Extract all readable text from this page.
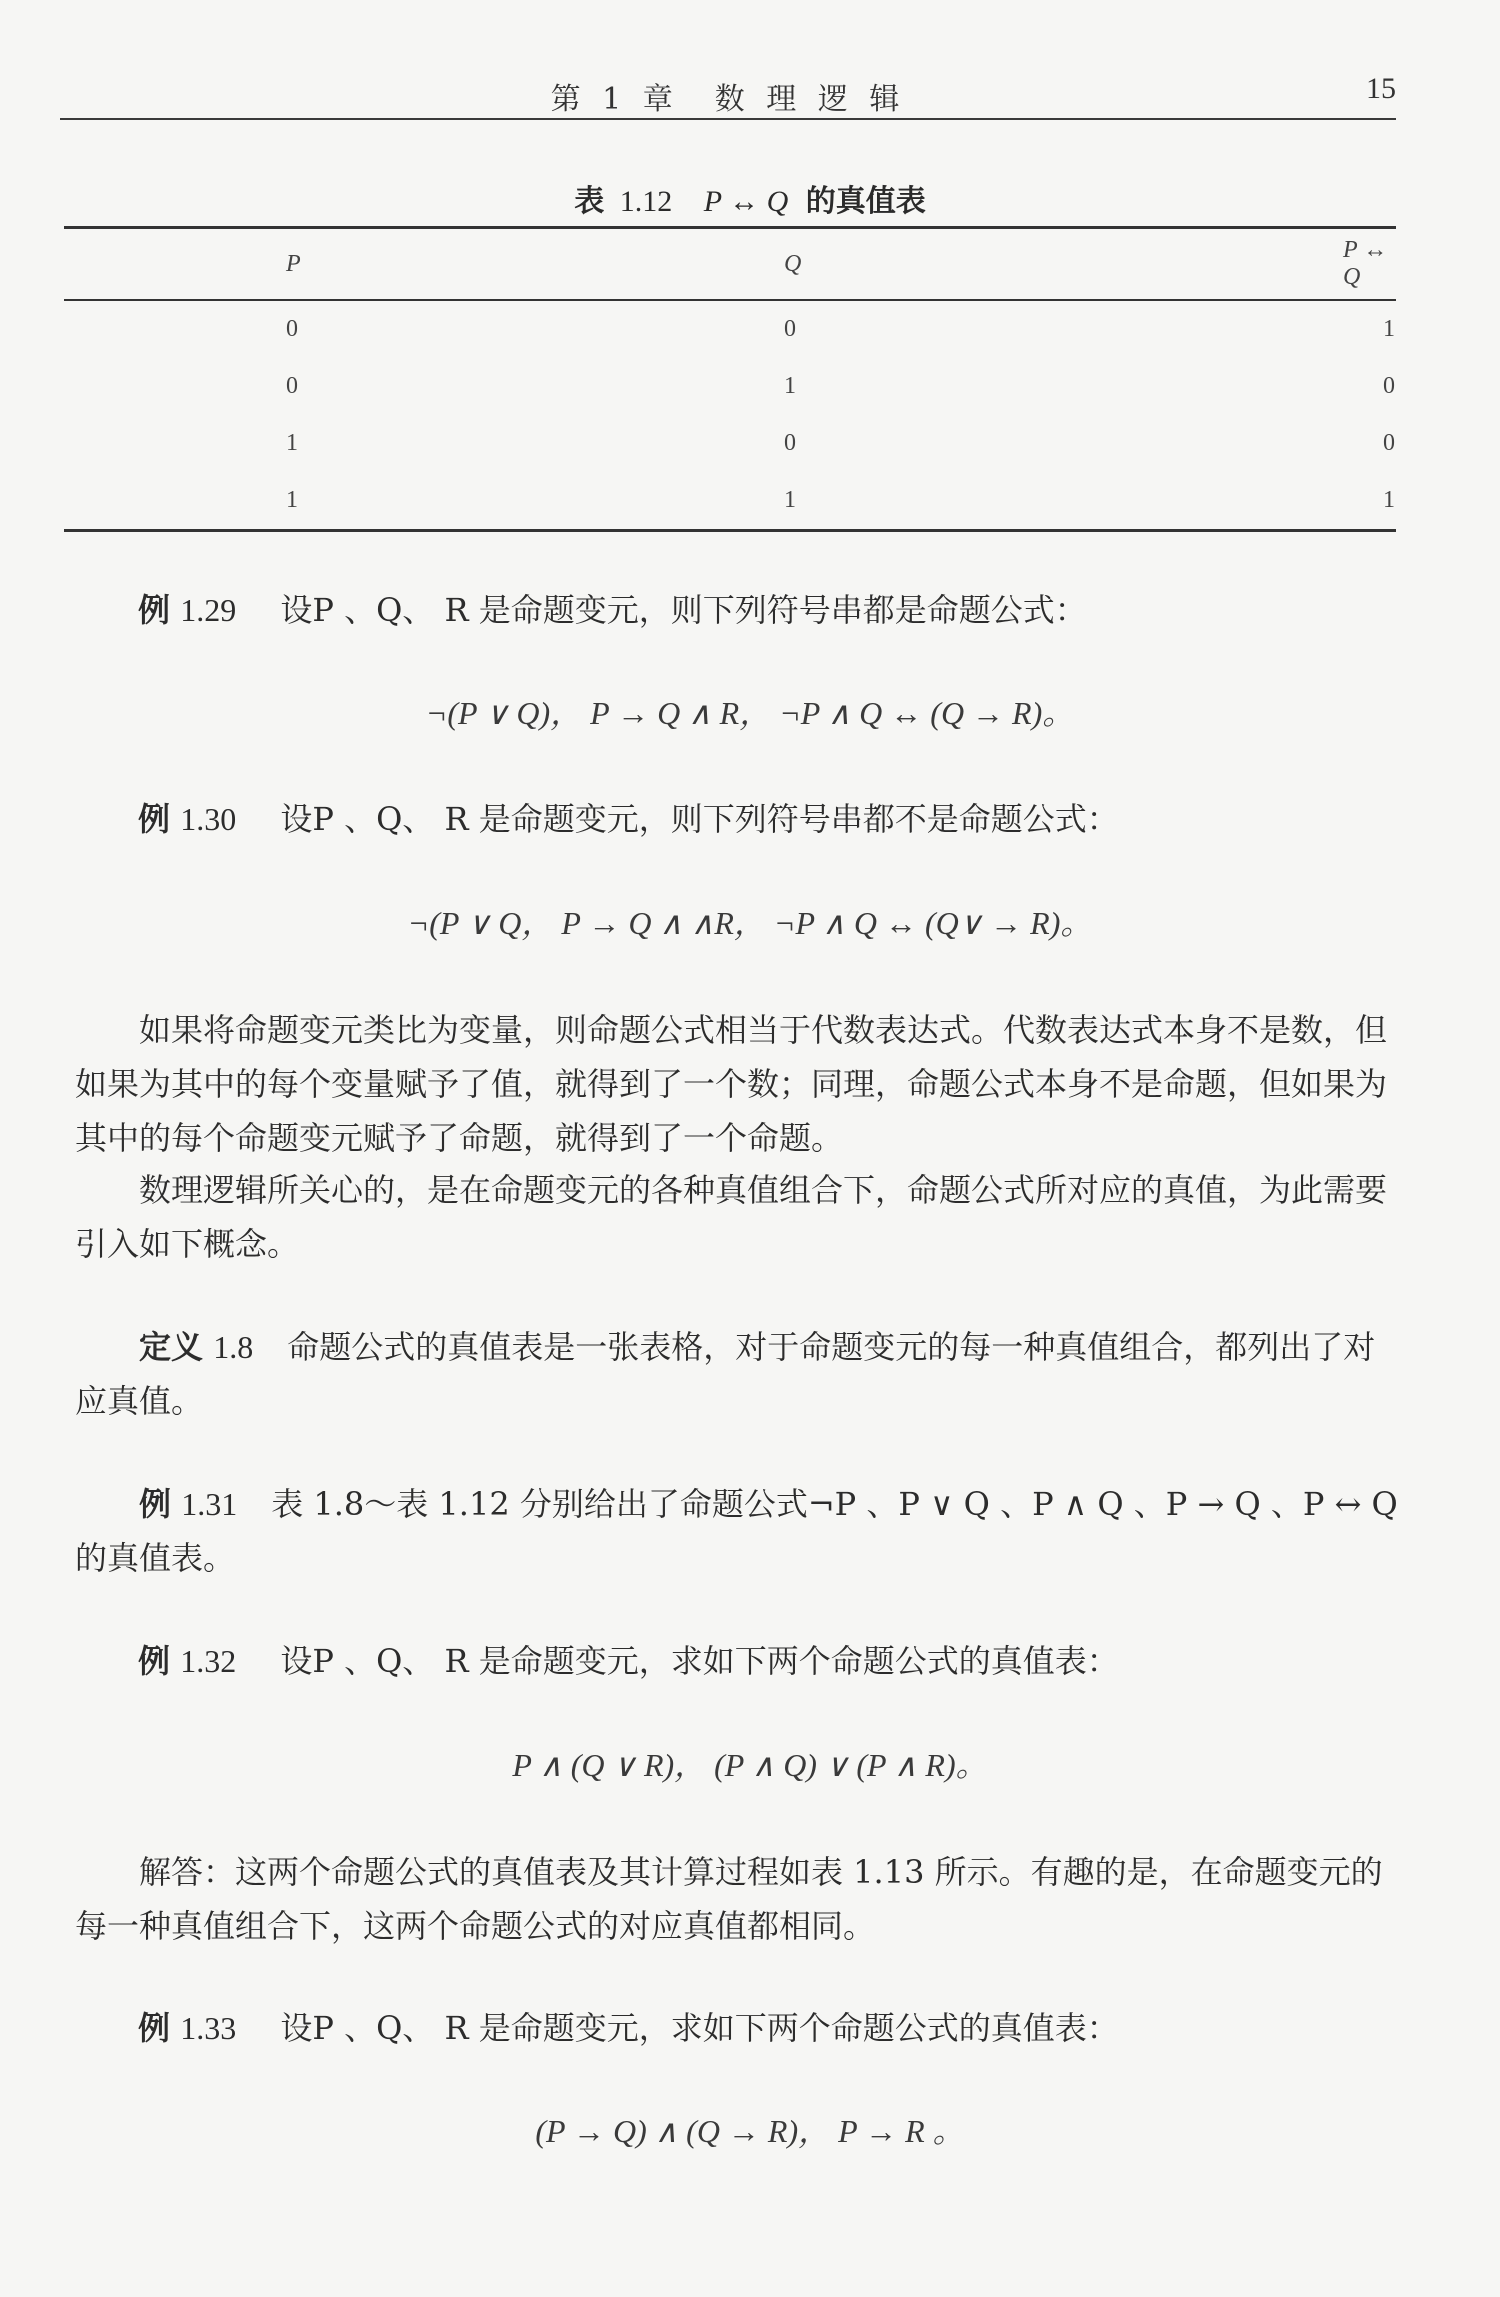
第 1 章　数 理 逻 辑	15
表 1.12 P ↔ Q 的真值表
P	Q	P ↔ Q
0	0	1
0	1	0
1	0	0
1	1	1
例 1.29 设P 、Q、 R 是命题变元，则下列符号串都是命题公式：
¬(P ∨ Q)， P → Q ∧ R， ¬P ∧ Q ↔ (Q → R)。
例 1.30 设P 、Q、 R 是命题变元，则下列符号串都不是命题公式：
¬(P ∨ Q， P → Q ∧ ∧R， ¬P ∧ Q ↔ (Q∨ → R)。
如果将命题变元类比为变量，则命题公式相当于代数表达式。代数表达式本身不是数，但如果为其中的每个变量赋予了值，就得到了一个数；同理，命题公式本身不是命题，但如果为其中的每个命题变元赋予了命题，就得到了一个命题。
数理逻辑所关心的，是在命题变元的各种真值组合下，命题公式所对应的真值，为此需要引入如下概念。
定义 1.8 命题公式的真值表是一张表格，对于命题变元的每一种真值组合，都列出了对应真值。
例 1.31 表 1.8～表 1.12 分别给出了命题公式¬P 、P ∨ Q 、P ∧ Q 、P → Q 、P ↔ Q 的真值表。
例 1.32 设P 、Q、 R 是命题变元，求如下两个命题公式的真值表：
P ∧ (Q ∨ R)， (P ∧ Q) ∨ (P ∧ R)。
解答：这两个命题公式的真值表及其计算过程如表 1.13 所示。有趣的是，在命题变元的每一种真值组合下，这两个命题公式的对应真值都相同。
例 1.33 设P 、Q、 R 是命题变元，求如下两个命题公式的真值表：
(P → Q) ∧ (Q → R)， P → R 。
